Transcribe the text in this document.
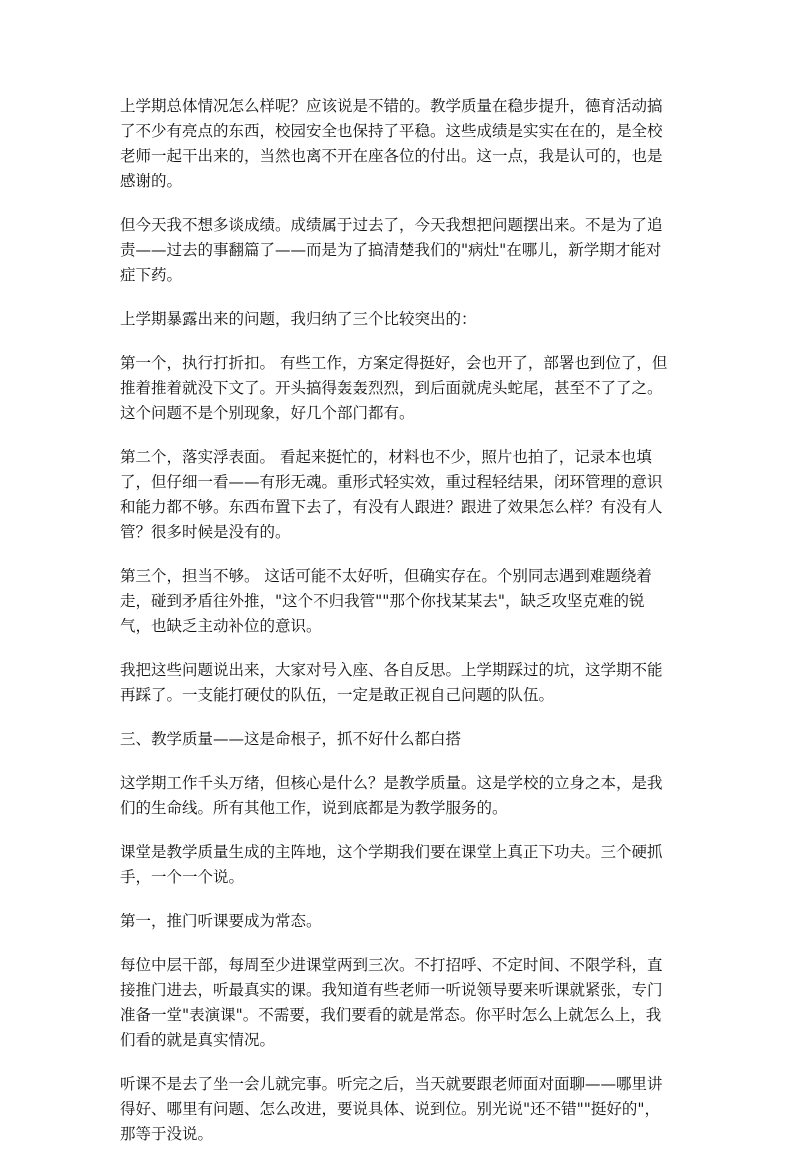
上学期总体情况怎么样呢？应该说是不错的。教学质量在稳步提升，德育活动搞了不少有亮点的东西，校园安全也保持了平稳。这些成绩是实实在在的，是全校老师一起干出来的，当然也离不开在座各位的付出。这一点，我是认可的，也是感谢的。

但今天我不想多谈成绩。成绩属于过去了，今天我想把问题摆出来。不是为了追责——过去的事翻篇了——而是为了搞清楚我们的"病灶"在哪儿，新学期才能对症下药。

上学期暴露出来的问题，我归纳了三个比较突出的：

第一个，执行打折扣。 有些工作，方案定得挺好，会也开了，部署也到位了，但推着推着就没下文了。开头搞得轰轰烈烈，到后面就虎头蛇尾，甚至不了了之。这个问题不是个别现象，好几个部门都有。

第二个，落实浮表面。 看起来挺忙的，材料也不少，照片也拍了，记录本也填了，但仔细一看——有形无魂。重形式轻实效，重过程轻结果，闭环管理的意识和能力都不够。东西布置下去了，有没有人跟进？跟进了效果怎么样？有没有人管？很多时候是没有的。

第三个，担当不够。 这话可能不太好听，但确实存在。个别同志遇到难题绕着走，碰到矛盾往外推，"这个不归我管""那个你找某某去"，缺乏攻坚克难的锐气，也缺乏主动补位的意识。

我把这些问题说出来，大家对号入座、各自反思。上学期踩过的坑，这学期不能再踩了。一支能打硬仗的队伍，一定是敢正视自己问题的队伍。

三、教学质量——这是命根子，抓不好什么都白搭

这学期工作千头万绪，但核心是什么？是教学质量。这是学校的立身之本，是我们的生命线。所有其他工作，说到底都是为教学服务的。

课堂是教学质量生成的主阵地，这个学期我们要在课堂上真正下功夫。三个硬抓手，一个一个说。

第一，推门听课要成为常态。

每位中层干部，每周至少进课堂两到三次。不打招呼、不定时间、不限学科，直接推门进去，听最真实的课。我知道有些老师一听说领导要来听课就紧张，专门准备一堂"表演课"。不需要，我们要看的就是常态。你平时怎么上就怎么上，我们看的就是真实情况。

听课不是去了坐一会儿就完事。听完之后，当天就要跟老师面对面聊——哪里讲得好、哪里有问题、怎么改进，要说具体、说到位。别光说"还不错""挺好的"，那等于没说。
